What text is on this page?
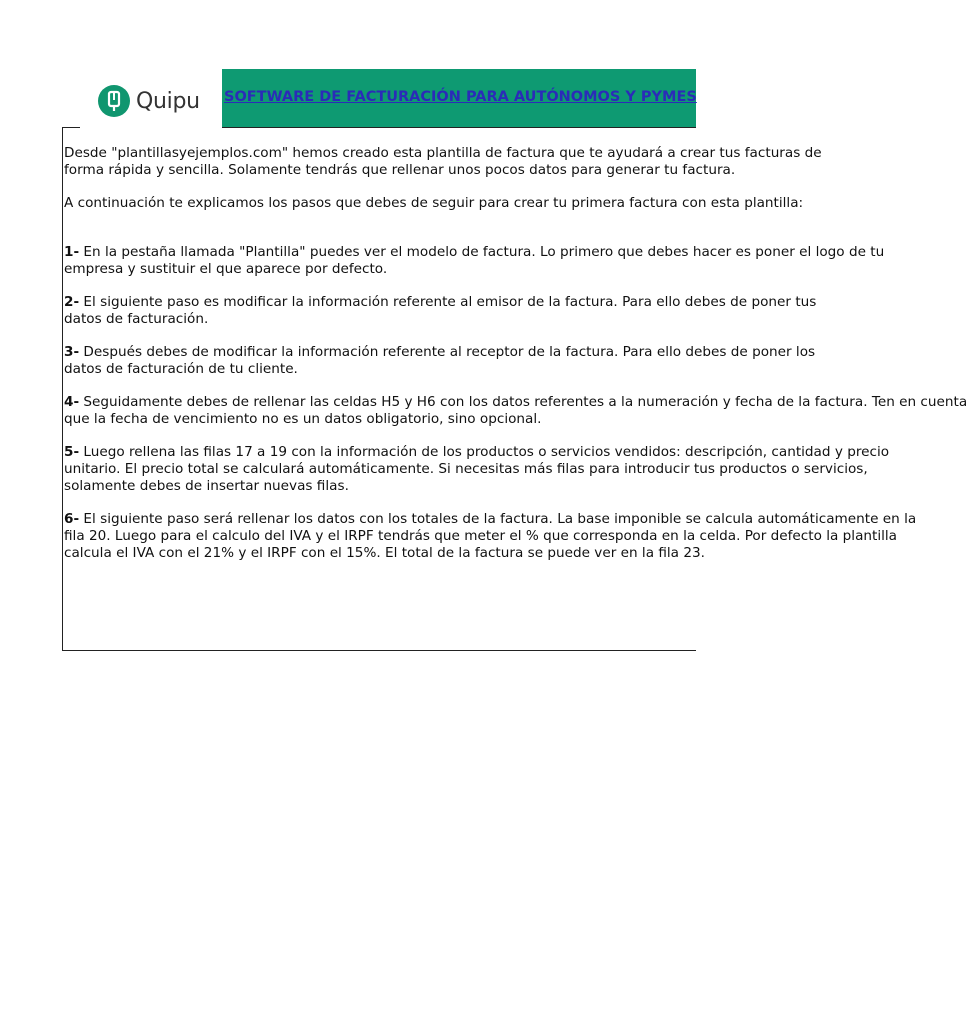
Quipu SOFTWARE DE FACTURACIÓN PARA AUTÓNOMOS Y PYMES
Desde "plantillasyejemplos.com" hemos creado esta plantilla de factura que te ayudará a crear tus facturas de
forma rápida y sencilla. Solamente tendrás que rellenar unos pocos datos para generar tu factura.
A continuación te explicamos los pasos que debes de seguir para crear tu primera factura con esta plantilla:
1- En la pestaña llamada "Plantilla" puedes ver el modelo de factura. Lo primero que debes hacer es poner el logo de tu
empresa y sustituir el que aparece por defecto.
2- El siguiente paso es modificar la información referente al emisor de la factura. Para ello debes de poner tus
datos de facturación.
3- Después debes de modificar la información referente al receptor de la factura. Para ello debes de poner los
datos de facturación de tu cliente.
4- Seguidamente debes de rellenar las celdas H5 y H6 con los datos referentes a la numeración y fecha de la factura. Ten en cuenta
que la fecha de vencimiento no es un datos obligatorio, sino opcional.
5- Luego rellena las filas 17 a 19 con la información de los productos o servicios vendidos: descripción, cantidad y precio
unitario. El precio total se calculará automáticamente. Si necesitas más filas para introducir tus productos o servicios,
solamente debes de insertar nuevas filas.
6- El siguiente paso será rellenar los datos con los totales de la factura. La base imponible se calcula automáticamente en la
fila 20. Luego para el calculo del IVA y el IRPF tendrás que meter el % que corresponda en la celda. Por defecto la plantilla
calcula el IVA con el 21% y el IRPF con el 15%. El total de la factura se puede ver en la fila 23.
